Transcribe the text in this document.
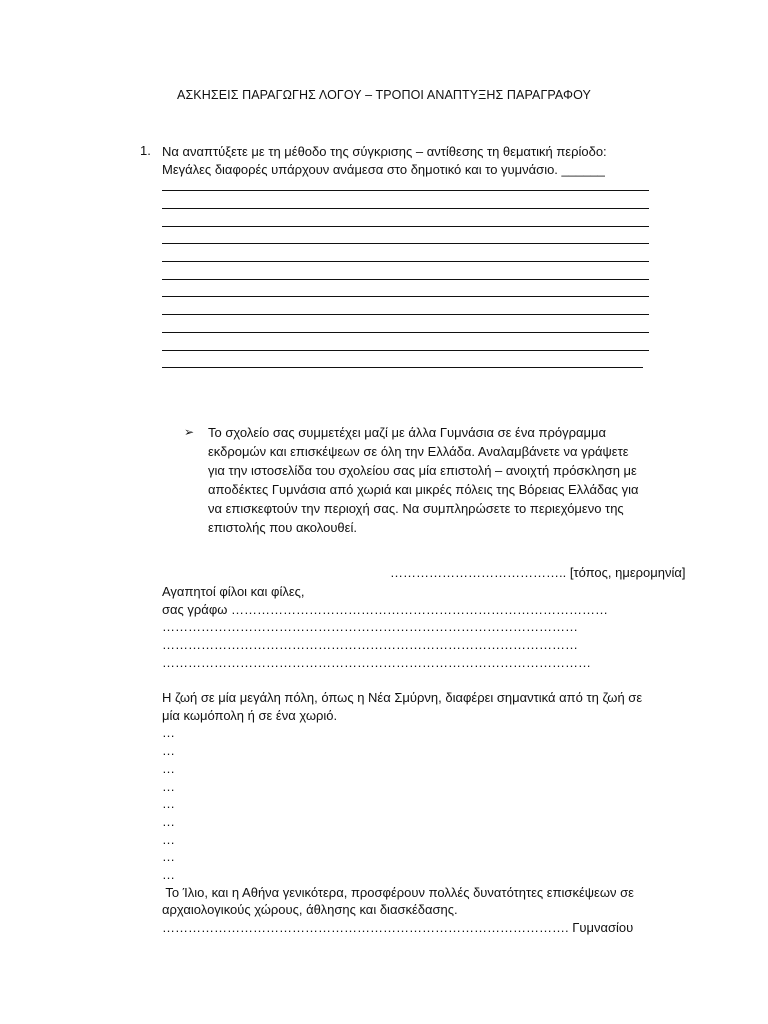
ΑΣΚΗΣΕΙΣ ΠΑΡΑΓΩΓΗΣ ΛΟΓΟΥ – ΤΡΟΠΟΙ ΑΝΑΠΤΥΞΗΣ ΠΑΡΑΓΡΑΦΟΥ
1. Να αναπτύξετε με τη μέθοδο της σύγκρισης – αντίθεσης τη θεματική περίοδο:
Μεγάλες διαφορές υπάρχουν ανάμεσα στο δημοτικό και το γυμνάσιο. ______
➢ Το σχολείο σας συμμετέχει μαζί με άλλα Γυμνάσια σε ένα πρόγραμμα
εκδρομών και επισκέψεων σε όλη την Ελλάδα. Αναλαμβάνετε να γράψετε
για την ιστοσελίδα του σχολείου σας μία επιστολή – ανοιχτή πρόσκληση με
αποδέκτες Γυμνάσια από χωριά και μικρές πόλεις της Βόρειας Ελλάδας για
να επισκεφτούν την περιοχή σας. Να συμπληρώσετε το περιεχόμενο της
επιστολής που ακολουθεί.
………………………………….. [τόπος, ημερομηνία]
Αγαπητοί φίλοι και φίλες,
σας γράφω ……………………………………………………………………………
……………………………………………………………………………………
……………………………………………………………………………………
………………………………………………………………………………………
Η ζωή σε μία μεγάλη πόλη, όπως η Νέα Σμύρνη, διαφέρει σημαντικά από τη ζωή σε
μία κωμόπολη ή σε ένα χωριό.
…
…
…
…
…
…
…
…
…
Το Ίλιο, και η Αθήνα γενικότερα, προσφέρουν πολλές δυνατότητες επισκέψεων σε
αρχαιολογικούς χώρους, άθλησης και διασκέδασης.
…………………………………………………………………………………. Γυμνασίου
